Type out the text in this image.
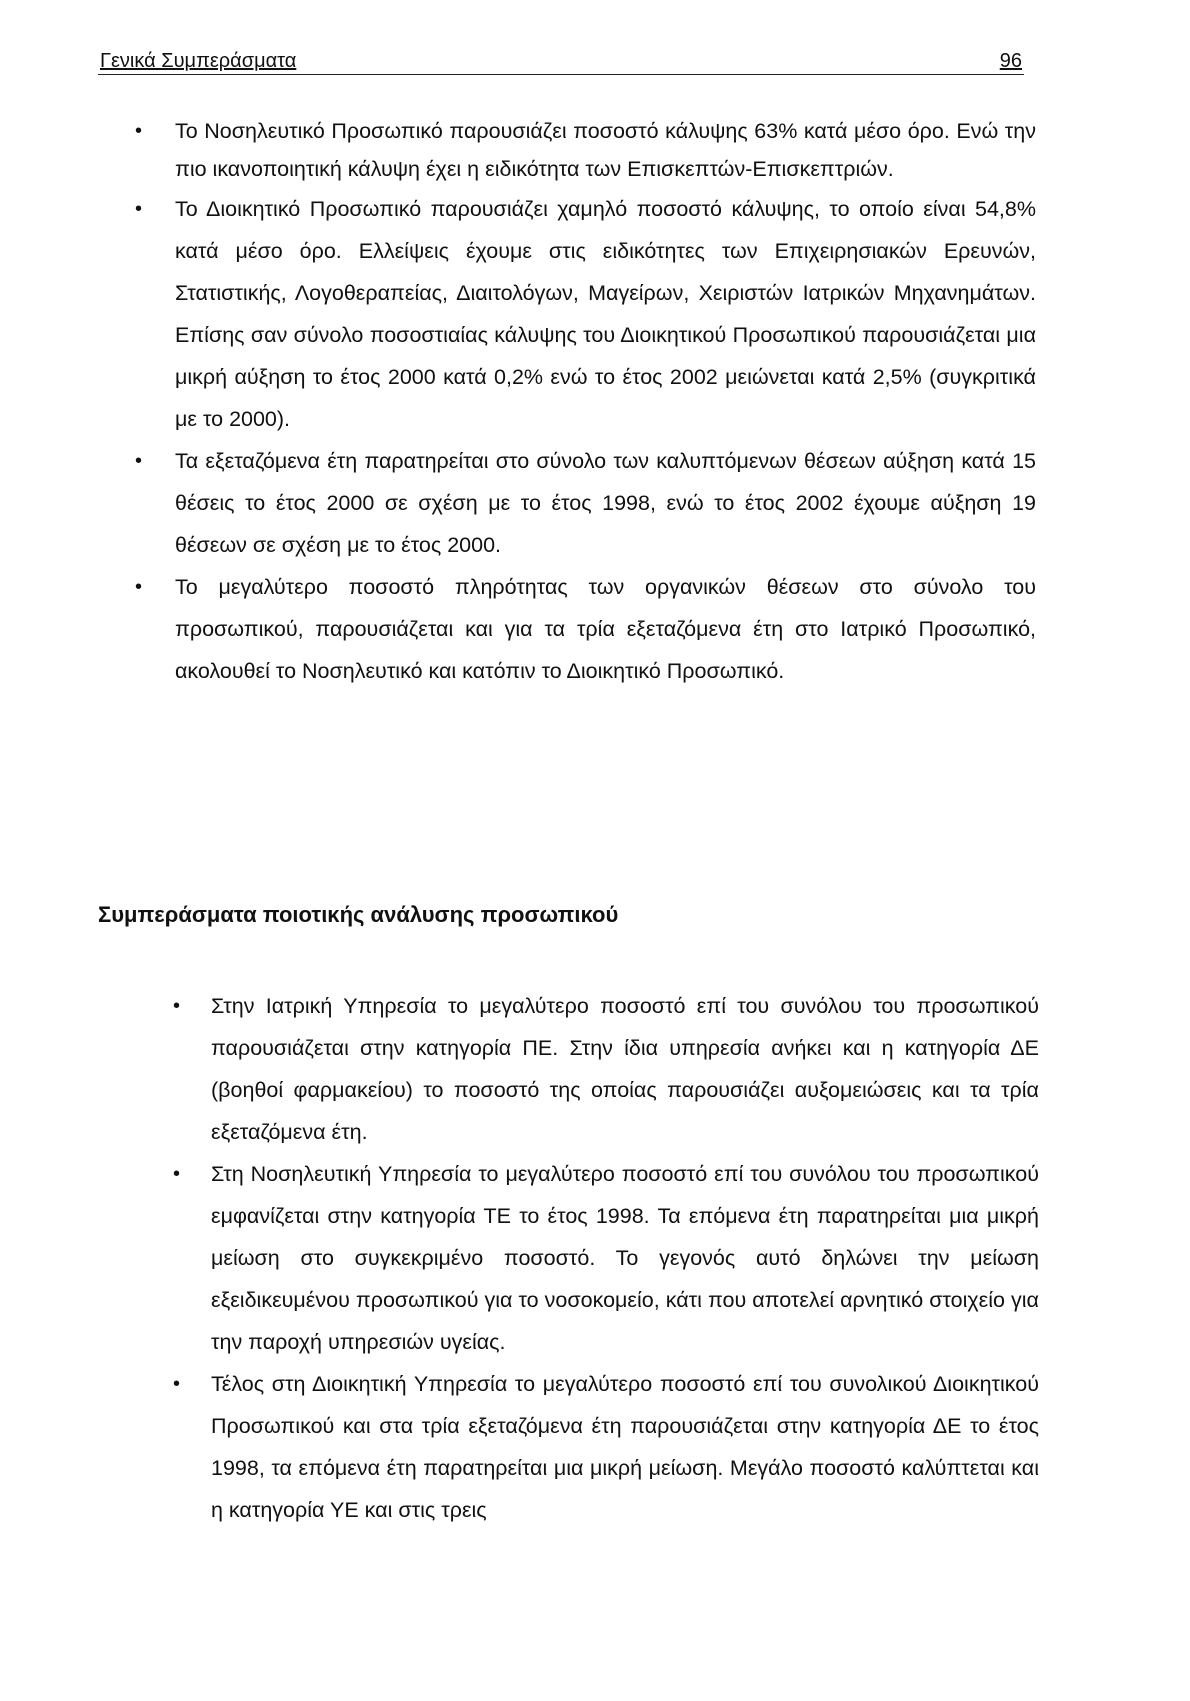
Γενικά Συμπεράσματα	96
• Το Νοσηλευτικό Προσωπικό παρουσιάζει ποσοστό κάλυψης 63% κατά μέσο όρο. Ενώ την πιο ικανοποιητική κάλυψη έχει η ειδικότητα των Επισκεπτών-Επισκεπτριών.
• Το Διοικητικό Προσωπικό παρουσιάζει χαμηλό ποσοστό κάλυψης, το οποίο είναι 54,8% κατά μέσο όρο. Ελλείψεις έχουμε στις ειδικότητες των Επιχειρησιακών Ερευνών, Στατιστικής, Λογοθεραπείας, Διαιτολόγων, Μαγείρων, Χειριστών Ιατρικών Μηχανημάτων. Επίσης σαν σύνολο ποσοστιαίας κάλυψης του Διοικητικού Προσωπικού παρουσιάζεται μια μικρή αύξηση το έτος 2000 κατά 0,2% ενώ το έτος 2002 μειώνεται κατά 2,5% (συγκριτικά με το 2000).
• Τα εξεταζόμενα έτη παρατηρείται στο σύνολο των καλυπτόμενων θέσεων αύξηση κατά 15 θέσεις το έτος 2000 σε σχέση με το έτος 1998, ενώ το έτος 2002 έχουμε αύξηση 19 θέσεων σε σχέση με το έτος 2000.
• Το μεγαλύτερο ποσοστό πληρότητας των οργανικών θέσεων στο σύνολο του προσωπικού, παρουσιάζεται και για τα τρία εξεταζόμενα έτη στο Ιατρικό Προσωπικό, ακολουθεί το Νοσηλευτικό και κατόπιν το Διοικητικό Προσωπικό.
Συμπεράσματα ποιοτικής ανάλυσης προσωπικού
• Στην Ιατρική Υπηρεσία το μεγαλύτερο ποσοστό επί του συνόλου του προσωπικού παρουσιάζεται στην κατηγορία ΠΕ. Στην ίδια υπηρεσία ανήκει και η κατηγορία ΔΕ (βοηθοί φαρμακείου) το ποσοστό της οποίας παρουσιάζει αυξομειώσεις και τα τρία εξεταζόμενα έτη.
• Στη Νοσηλευτική Υπηρεσία το μεγαλύτερο ποσοστό επί του συνόλου του προσωπικού εμφανίζεται στην κατηγορία ΤΕ το έτος 1998. Τα επόμενα έτη παρατηρείται μια μικρή μείωση στο συγκεκριμένο ποσοστό. Το γεγονός αυτό δηλώνει την μείωση εξειδικευμένου προσωπικού για το νοσοκομείο, κάτι που αποτελεί αρνητικό στοιχείο για την παροχή υπηρεσιών υγείας.
• Τέλος στη Διοικητική Υπηρεσία το μεγαλύτερο ποσοστό επί του συνολικού Διοικητικού Προσωπικού και στα τρία εξεταζόμενα έτη παρουσιάζεται στην κατηγορία ΔΕ το έτος 1998, τα επόμενα έτη παρατηρείται μια μικρή μείωση. Μεγάλο ποσοστό καλύπτεται και η κατηγορία ΥΕ και στις τρεις
